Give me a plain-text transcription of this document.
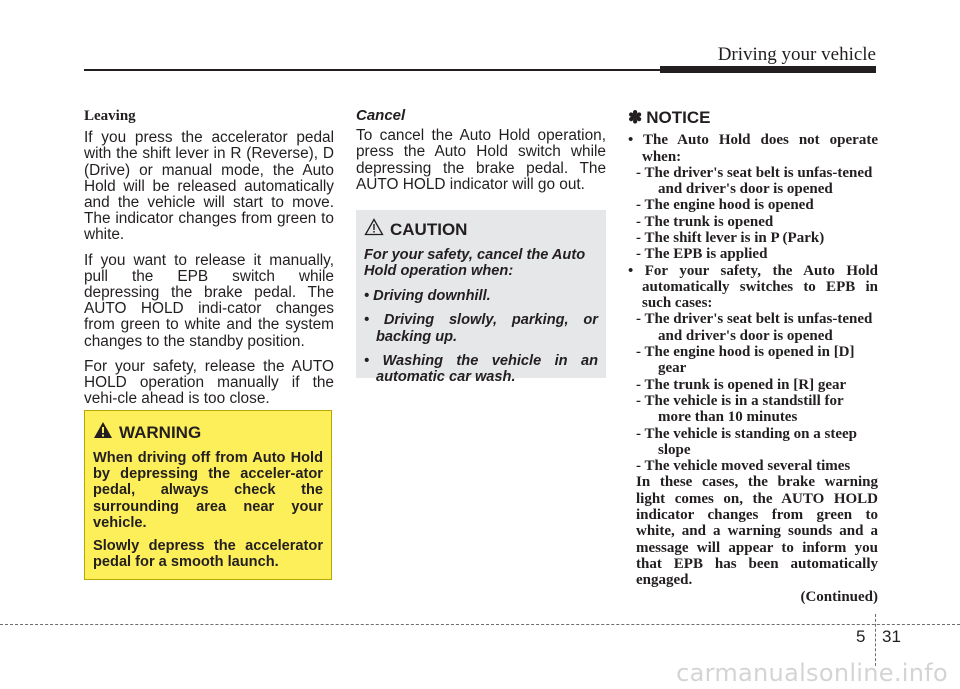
Driving your vehicle
Leaving

If you press the accelerator pedal with the shift lever in R (Reverse), D (Drive) or manual mode, the Auto Hold will be released automatically and the vehicle will start to move. The indicator changes from green to white.

If you want to release it manually, pull the EPB switch while depressing the brake pedal. The AUTO HOLD indi-cator changes from green to white and the system changes to the standby position.

For your safety, release the AUTO HOLD operation manually if the vehi-cle ahead is too close.

WARNING

When driving off from Auto Hold by depressing the acceler-ator pedal, always check the surrounding area near your vehicle.

Slowly depress the accelerator pedal for a smooth launch.

Cancel

To cancel the Auto Hold operation, press the Auto Hold switch while depressing the brake pedal. The AUTO HOLD indicator will go out.

CAUTION

For your safety, cancel the Auto Hold operation when:

• Driving downhill.
• Driving slowly, parking, or backing up.
• Washing the vehicle in an automatic car wash.
✽ NOTICE
• The Auto Hold does not operate when:
- The driver's seat belt is unfas-tened and driver's door is opened
- The engine hood is opened
- The trunk is opened
- The shift lever is in P (Park)
- The EPB is applied
• For your safety, the Auto Hold automatically switches to EPB in such cases:
- The driver's seat belt is unfas-tened and driver's door is opened
- The engine hood is opened in [D] gear
- The trunk is opened in [R] gear
- The vehicle is in a standstill for more than 10 minutes
- The vehicle is standing on a steep slope
- The vehicle moved several times
In these cases, the brake warning light comes on, the AUTO HOLD indicator changes from green to white, and a warning sounds and a message will appear to inform you that EPB has been automatically engaged.
(Continued)
5 31
carmanualsonline.info
